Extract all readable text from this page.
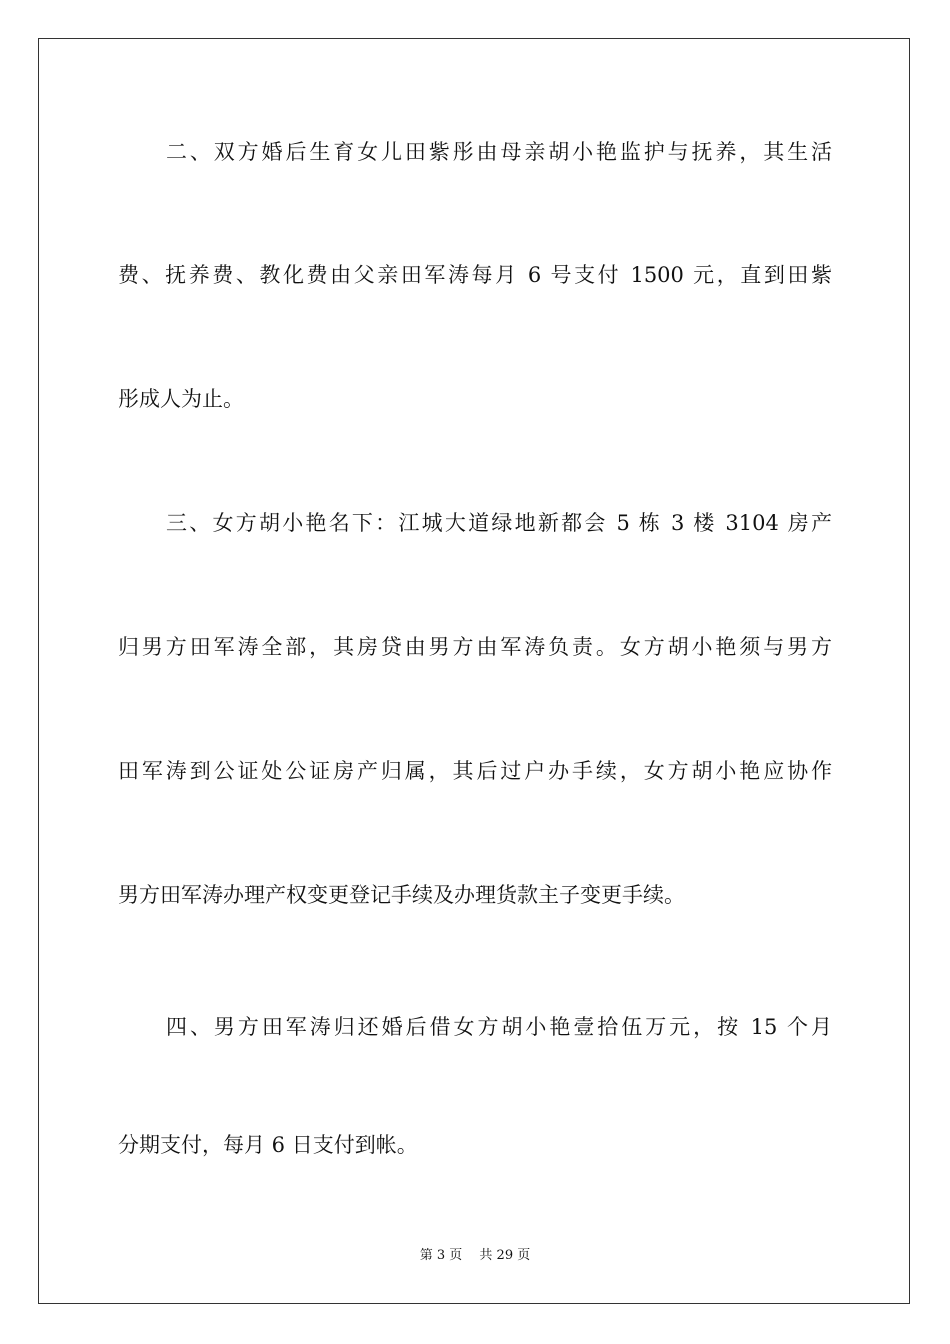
二、双方婚后生育女儿田紫彤由母亲胡小艳监护与抚养，其生活
费、抚养费、教化费由父亲田军涛每月 6 号支付 1500 元，直到田紫
彤成人为止。
三、女方胡小艳名下：江城大道绿地新都会 5 栋 3 楼 3104 房产
归男方田军涛全部，其房贷由男方由军涛负责。女方胡小艳须与男方
田军涛到公证处公证房产归属，其后过户办手续，女方胡小艳应协作
男方田军涛办理产权变更登记手续及办理货款主子变更手续。
四、男方田军涛归还婚后借女方胡小艳壹拾伍万元，按 15 个月
分期支付，每月 6 日支付到帐。
第 3 页　 共 29 页
